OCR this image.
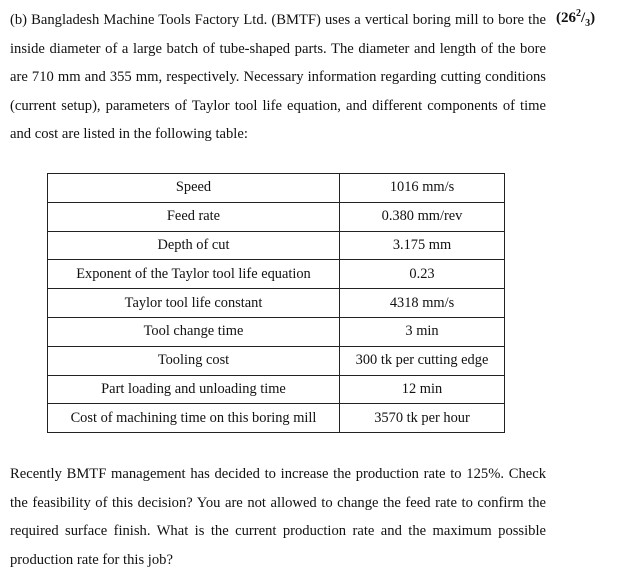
(b) Bangladesh Machine Tools Factory Ltd. (BMTF) uses a vertical boring mill to bore the inside diameter of a large batch of tube-shaped parts. The diameter and length of the bore are 710 mm and 355 mm, respectively. Necessary information regarding cutting conditions (current setup), parameters of Taylor tool life equation, and different components of time and cost are listed in the following table:
$(26^2/_3)$
Speed	1016 mm/s
Feed rate	0.380 mm/rev
Depth of cut	3.175 mm
Exponent of the Taylor tool life equation	0.23
Taylor tool life constant	4318 mm/s
Tool change time	3 min
Tooling cost	300 tk per cutting edge
Part loading and unloading time	12 min
Cost of machining time on this boring mill	3570 tk per hour
Recently BMTF management has decided to increase the production rate to 125%. Check the feasibility of this decision? You are not allowed to change the feed rate to confirm the required surface finish. What is the current production rate and the maximum possible production rate for this job?
